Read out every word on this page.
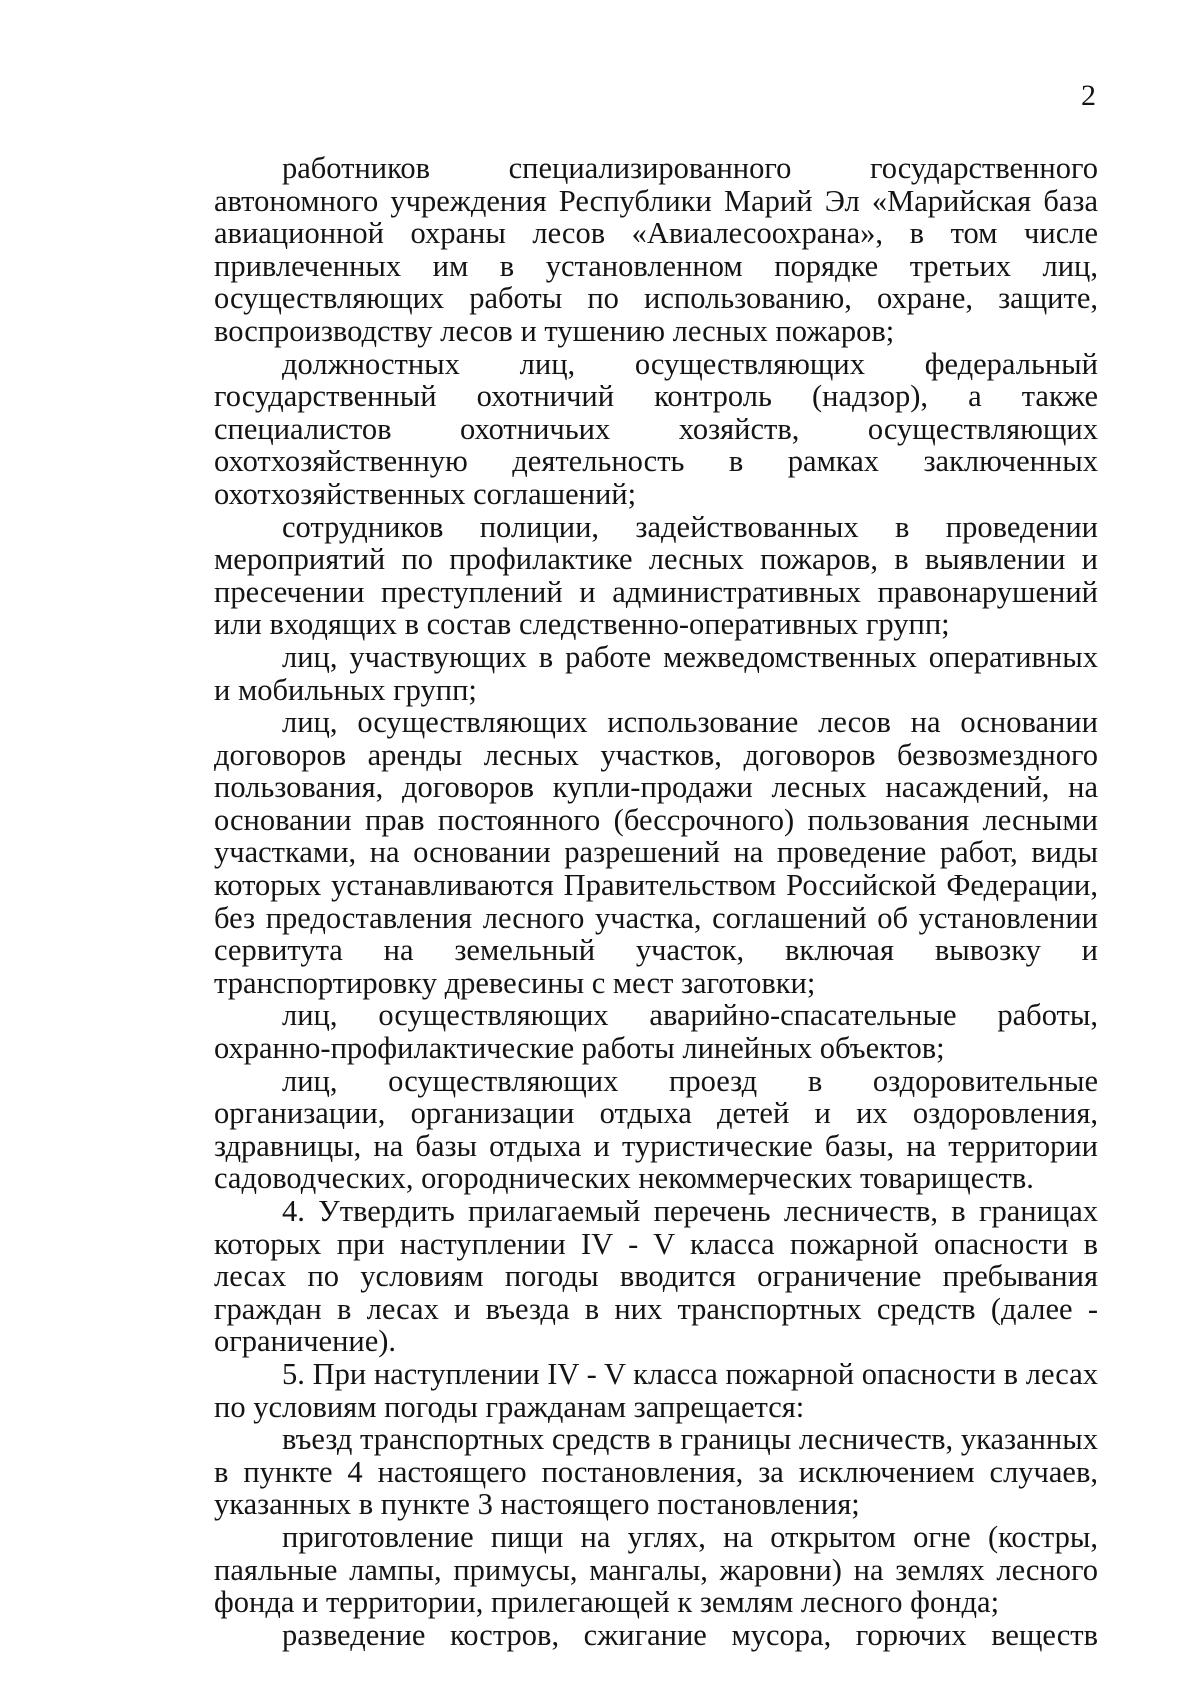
2

работников специализированного государственного автономного учреждения Республики Марий Эл «Марийская база авиационной охраны лесов «Авиалесоохрана», в том числе привлеченных им в установленном порядке третьих лиц, осуществляющих работы по использованию, охране, защите, воспроизводству лесов и тушению лесных пожаров;

должностных лиц, осуществляющих федеральный государственный охотничий контроль (надзор), а также специалистов охотничьих хозяйств, осуществляющих охотхозяйственную деятельность в рамках заключенных охотхозяйственных соглашений;

сотрудников полиции, задействованных в проведении мероприятий по профилактике лесных пожаров, в выявлении и пресечении преступлений и административных правонарушений или входящих в состав следственно-оперативных групп;

лиц, участвующих в работе межведомственных оперативных и мобильных групп;

лиц, осуществляющих использование лесов на основании договоров аренды лесных участков, договоров безвозмездного пользования, договоров купли-продажи лесных насаждений, на основании прав постоянного (бессрочного) пользования лесными участками, на основании разрешений на проведение работ, виды которых устанавливаются Правительством Российской Федерации, без предоставления лесного участка, соглашений об установлении сервитута на земельный участок, включая вывозку и транспортировку древесины с мест заготовки;

лиц, осуществляющих аварийно-спасательные работы, охранно-профилактические работы линейных объектов;

лиц, осуществляющих проезд в оздоровительные организации, организации отдыха детей и их оздоровления, здравницы, на базы отдыха и туристические базы, на территории садоводческих, огороднических некоммерческих товариществ.

4. Утвердить прилагаемый перечень лесничеств, в границах которых при наступлении IV - V класса пожарной опасности в лесах по условиям погоды вводится ограничение пребывания граждан в лесах и въезда в них транспортных средств (далее - ограничение).

5. При наступлении IV - V класса пожарной опасности в лесах по условиям погоды гражданам запрещается:

въезд транспортных средств в границы лесничеств, указанных в пункте 4 настоящего постановления, за исключением случаев, указанных в пункте 3 настоящего постановления;

приготовление пищи на углях, на открытом огне (костры, паяльные лампы, примусы, мангалы, жаровни) на землях лесного фонда и территории, прилегающей к землям лесного фонда;

разведение костров, сжигание мусора, горючих веществ
